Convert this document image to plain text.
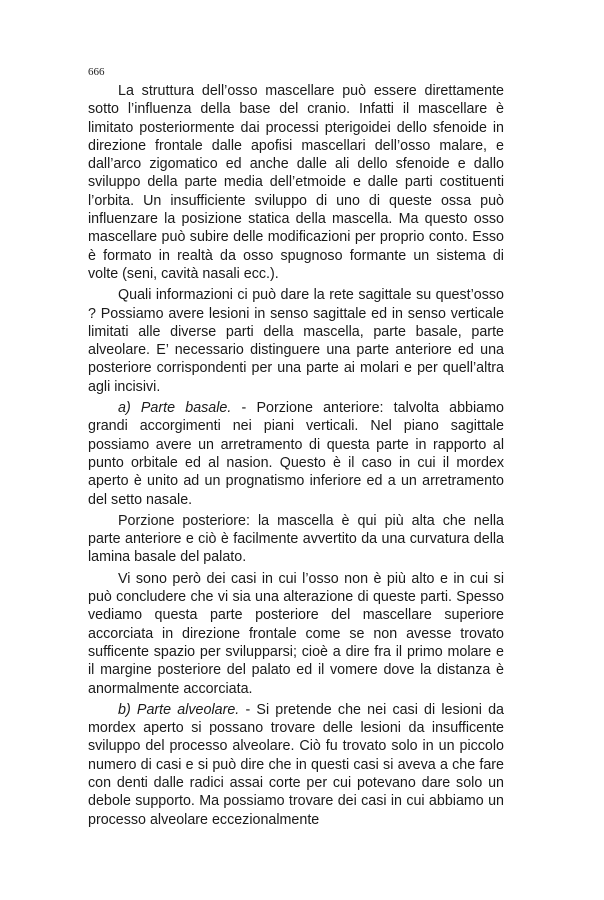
666

La struttura dell’osso mascellare può essere direttamente sotto l’influenza della base del cranio. Infatti il mascellare è limitato posteriormente dai processi pterigoidei dello sfenoide in direzione frontale dalle apofisi mascellari dell’osso malare, e dall’arco zigomatico ed anche dalle ali dello sfenoide e dallo sviluppo della parte media dell’etmoide e dalle parti costituenti l’orbita. Un insufficiente sviluppo di uno di queste ossa può influenzare la posizione statica della mascella. Ma questo osso mascellare può subire delle modificazioni per proprio conto. Esso è formato in realtà da osso spugnoso formante un sistema di volte (seni, cavità nasali ecc.).

Quali informazioni ci può dare la rete sagittale su quest’osso ? Possiamo avere lesioni in senso sagittale ed in senso verticale limitati alle diverse parti della mascella, parte basale, parte alveolare. E’ necessario distinguere una parte anteriore ed una posteriore corrispondenti per una parte ai molari e per quell’altra agli incisivi.

a) Parte basale. - Porzione anteriore: talvolta abbiamo grandi accorgimenti nei piani verticali. Nel piano sagittale possiamo avere un arretramento di questa parte in rapporto al punto orbitale ed al nasion. Questo è il caso in cui il mordex aperto è unito ad un prognatismo inferiore ed a un arretramento del setto nasale.

Porzione posteriore: la mascella è qui più alta che nella parte anteriore e ciò è facilmente avvertito da una curvatura della lamina basale del palato.

Vi sono però dei casi in cui l’osso non è più alto e in cui si può concludere che vi sia una alterazione di queste parti. Spesso vediamo questa parte posteriore del mascellare superiore accorciata in direzione frontale come se non avesse trovato sufficente spazio per svilupparsi; cioè a dire fra il primo molare e il margine posteriore del palato ed il vomere dove la distanza è anormalmente accorciata.

b) Parte alveolare. - Si pretende che nei casi di lesioni da mordex aperto si possano trovare delle lesioni da insufficente sviluppo del processo alveolare. Ciò fu trovato solo in un piccolo numero di casi e si può dire che in questi casi si aveva a che fare con denti dalle radici assai corte per cui potevano dare solo un debole supporto. Ma possiamo trovare dei casi in cui abbiamo un processo alveolare eccezionalmente
